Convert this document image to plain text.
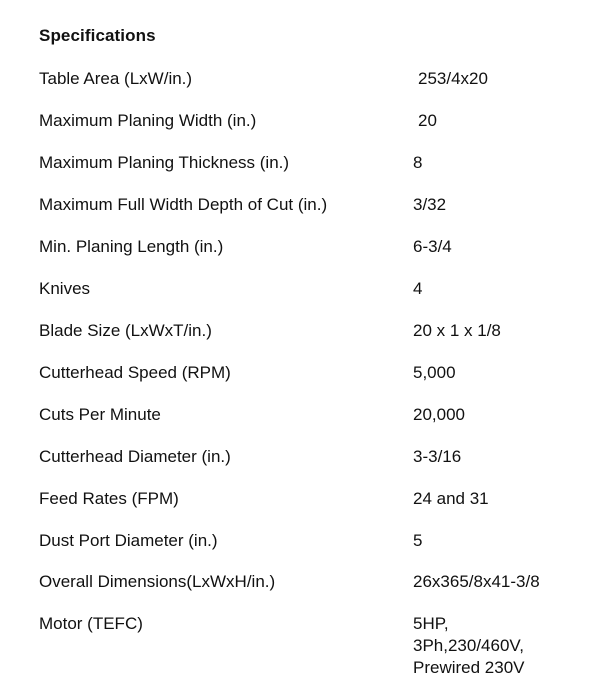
Specifications
Table Area (LxW/in.)	253/4x20
Maximum Planing Width (in.)	20
Maximum Planing Thickness (in.)	8
Maximum Full Width Depth of Cut (in.)	3/32
Min. Planing Length (in.)	6-3/4
Knives	4
Blade Size (LxWxT/in.)	20 x 1 x 1/8
Cutterhead Speed (RPM)	5,000
Cuts Per Minute	20,000
Cutterhead Diameter (in.)	3-3/16
Feed Rates (FPM)	24 and 31
Dust Port Diameter (in.)	5
Overall Dimensions(LxWxH/in.)	26x365/8x41-3/8
Motor (TEFC)	5HP,
3Ph,230/460V,
Prewired 230V
